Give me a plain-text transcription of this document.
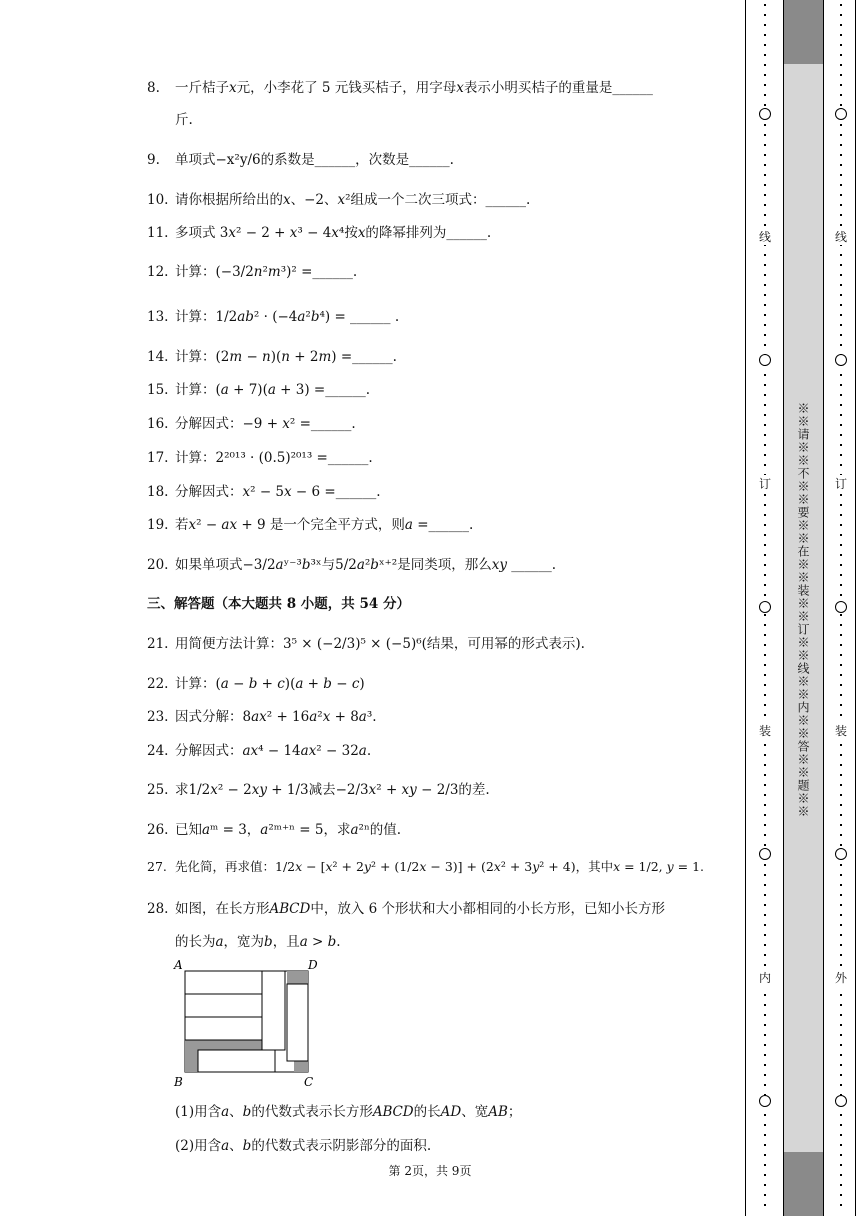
8. 一斤桔子𝑥元，小李花了 5 元钱买桔子，用字母𝑥表示小明买桔子的重量是______
斤.
9. 单项式−x²y/6的系数是______，次数是______.
10. 请你根据所给出的𝑥、−2、𝑥²组成一个二次三项式：______.
11. 多项式 3𝑥² − 2 + 𝑥³ − 4𝑥⁴按𝑥的降幂排列为______.
12. 计算：(−3/2𝑛²𝑚³)² =______.
13. 计算：1/2𝑎𝑏² · (−4𝑎²𝑏⁴) = ______ .
14. 计算：(2𝑚 − 𝑛)(𝑛 + 2𝑚) =______.
15. 计算：(𝑎 + 7)(𝑎 + 3) =______.
16. 分解因式：−9 + 𝑥² =______.
17. 计算：2²⁰¹³ · (0.5)²⁰¹³ =______.
18. 分解因式：𝑥² − 5𝑥 − 6 =______.
19. 若𝑥² − 𝑎𝑥 + 9 是一个完全平方式，则𝑎 =______.
20. 如果单项式−3/2𝑎ʸ⁻³𝑏³ˣ与5/2𝑎²𝑏ˣ⁺²是同类项，那么𝑥𝑦 ______.
三、解答题（本大题共 8 小题，共 54 分）
21. 用简便方法计算：3⁵ × (−2/3)⁵ × (−5)⁶(结果，可用幂的形式表示).
22. 计算：(𝑎 − 𝑏 + 𝑐)(𝑎 + 𝑏 − 𝑐)
23. 因式分解：8𝑎𝑥² + 16𝑎²𝑥 + 8𝑎³.
24. 分解因式：𝑎𝑥⁴ − 14𝑎𝑥² − 32𝑎.
25. 求1/2𝑥² − 2𝑥𝑦 + 1/3减去−2/3𝑥² + 𝑥𝑦 − 2/3的差.
26. 已知𝑎ᵐ = 3，𝑎²ᵐ⁺ⁿ = 5，求𝑎²ⁿ的值.
27. 先化简，再求值：1/2𝑥 − [𝑥² + 2𝑦² + (1/2𝑥 − 3)] + (2𝑥² + 3𝑦² + 4)，其中𝑥 = 1/2, 𝑦 = 1.
28. 如图，在长方形𝐴𝐵𝐶𝐷中，放入 6 个形状和大小都相同的小长方形，已知小长方形
的长为𝑎，宽为𝑏，且𝑎 > 𝑏.
A	D
B	C
(1)用含𝑎、𝑏的代数式表示长方形𝐴𝐵𝐶𝐷的长𝐴𝐷、宽𝐴𝐵；
(2)用含𝑎、𝑏的代数式表示阴影部分的面积.
第 2页，共 9页
※※请※※不※※要※※在※※装※※订※※线※※内※※答※※题※※
线
订
装
内
线
订
装
外
